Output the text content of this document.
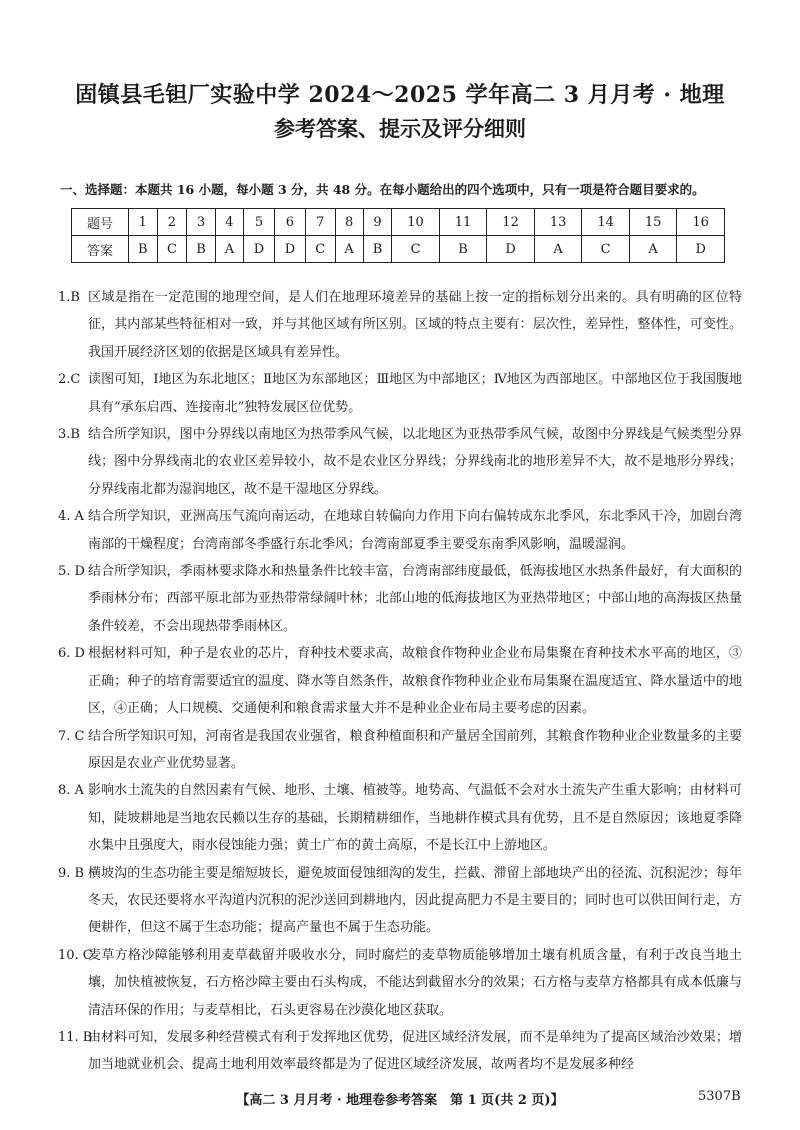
固镇县毛钽厂实验中学 2024～2025 学年高二 3 月月考 · 地理
参考答案、提示及评分细则
一、选择题：本题共 16 小题，每小题 3 分，共 48 分。在每小题给出的四个选项中，只有一项是符合题目要求的。
题号	1	2	3	4	5	6	7	8	9	10	11	12	13	14	15	16
答案	B	C	B	A	D	D	C	A	B	C	B	D	A	C	A	D
1.B 区域是指在一定范围的地理空间，是人们在地理环境差异的基础上按一定的指标划分出来的。具有明确的区位特征，其内部某些特征相对一致，并与其他区域有所区别。区域的特点主要有：层次性，差异性，整体性，可变性。我国开展经济区划的依据是区域具有差异性。
2.C 读图可知，Ⅰ地区为东北地区；Ⅱ地区为东部地区；Ⅲ地区为中部地区；Ⅳ地区为西部地区。中部地区位于我国腹地具有“承东启西、连接南北”独特发展区位优势。
3.B 结合所学知识，图中分界线以南地区为热带季风气候，以北地区为亚热带季风气候，故图中分界线是气候类型分界线；图中分界线南北的农业区差异较小，故不是农业区分界线；分界线南北的地形差异不大，故不是地形分界线；分界线南北都为湿润地区，故不是干湿地区分界线。
4. A 结合所学知识，亚洲高压气流向南运动，在地球自转偏向力作用下向右偏转成东北季风，东北季风干冷，加剧台湾南部的干燥程度；台湾南部冬季盛行东北季风；台湾南部夏季主要受东南季风影响，温暖湿润。
5. D 结合所学知识，季雨林要求降水和热量条件比较丰富，台湾南部纬度最低，低海拔地区水热条件最好，有大面积的季雨林分布；西部平原北部为亚热带常绿阔叶林；北部山地的低海拔地区为亚热带地区；中部山地的高海拔区热量条件较差，不会出现热带季雨林区。
6. D 根据材料可知，种子是农业的芯片，育种技术要求高，故粮食作物种业企业布局集聚在育种技术水平高的地区，③正确；种子的培育需要适宜的温度、降水等自然条件，故粮食作物种业企业布局集聚在温度适宜、降水量适中的地区，④正确；人口规模、交通便利和粮食需求量大并不是种业企业布局主要考虑的因素。
7. C 结合所学知识可知，河南省是我国农业强省，粮食种植面积和产量居全国前列，其粮食作物种业企业数量多的主要原因是农业产业优势显著。
8. A 影响水土流失的自然因素有气候、地形、土壤、植被等。地势高、气温低不会对水土流失产生重大影响；由材料可知，陡坡耕地是当地农民赖以生存的基础，长期精耕细作，当地耕作模式具有优势，且不是自然原因；该地夏季降水集中且强度大，雨水侵蚀能力强；黄土广布的黄土高原，不是长江中上游地区。
9. B 横坡沟的生态功能主要是缩短坡长，避免坡面侵蚀细沟的发生，拦截、滞留上部地块产出的径流、沉积泥沙；每年冬天，农民还要将水平沟道内沉积的泥沙送回到耕地内，因此提高肥力不是主要目的；同时也可以供田间行走，方便耕作，但这不属于生态功能；提高产量也不属于生态功能。
10. C
麦草方格沙障能够利用麦草截留并吸收水分，同时腐烂的麦草物质能够增加土壤有机质含量，有利于改良当地土壤，加快植被恢复，石方格沙障主要由石头构成，不能达到截留水分的效果；石方格与麦草方格都具有成本低廉与清洁环保的作用；与麦草相比，石头更容易在沙漠化地区获取。
11. B
由材料可知，发展多种经营模式有利于发挥地区优势，促进区域经济发展，而不是单纯为了提高区域治沙效果；增加当地就业机会、提高土地利用效率最终都是为了促进区域经济发展，故两者均不是发展多种经
【高二 3 月月考 · 地理卷参考答案　第 1 页(共 2 页)】	5307B
